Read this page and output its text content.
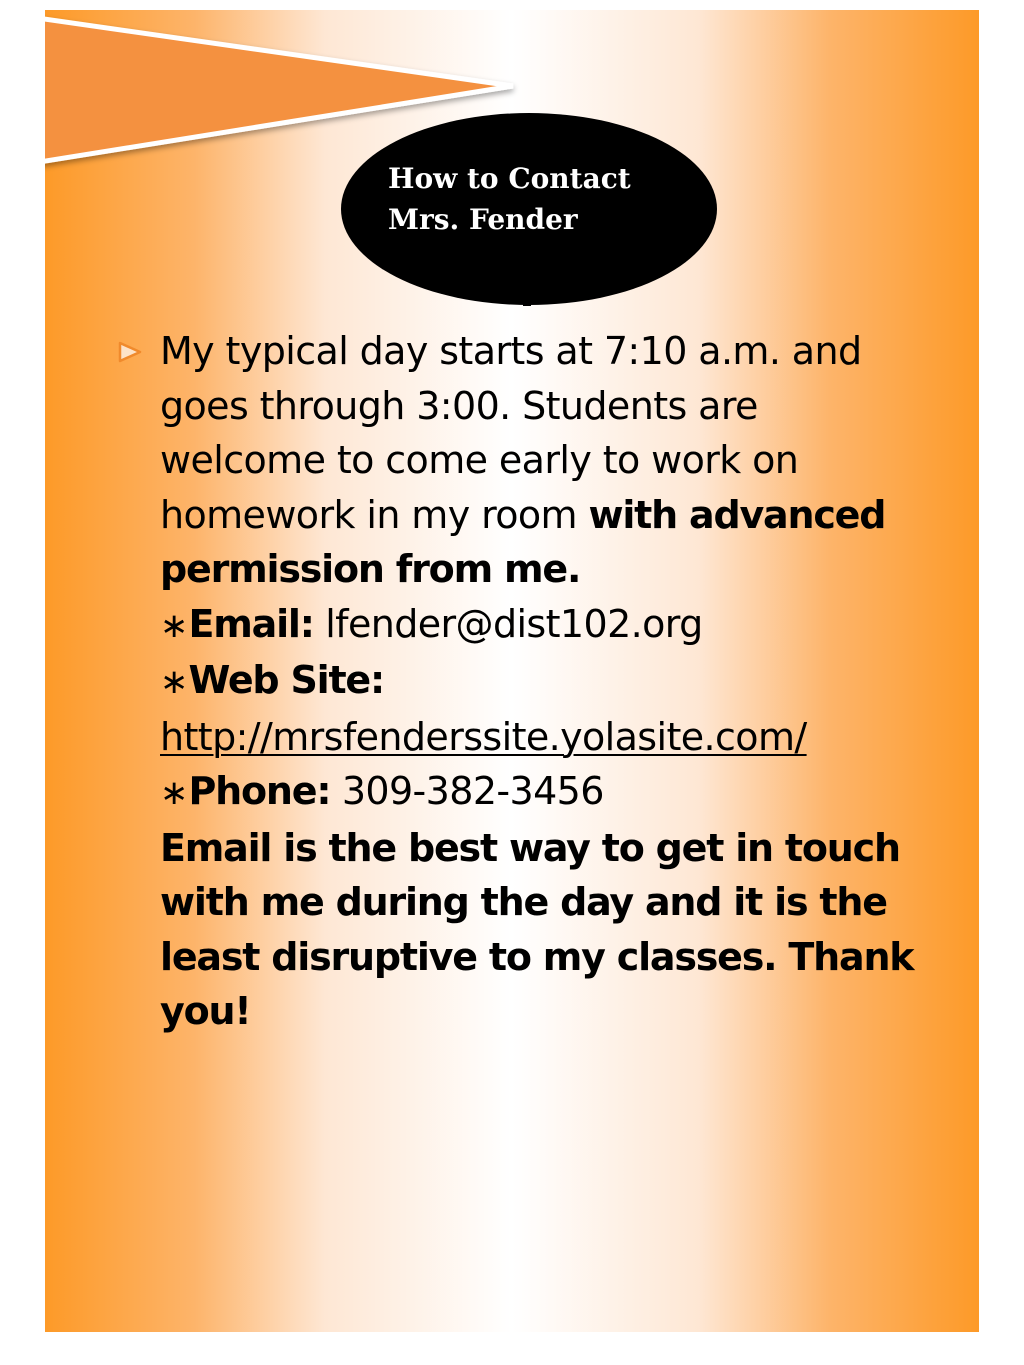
How to Contact
Mrs. Fender
My typical day starts at 7:10 a.m. and
goes through 3:00. Students are
welcome to come early to work on
homework in my room with advanced
permission from me.
∗Email: lfender@dist102.org
∗Web Site:
http://mrsfenderssite.yolasite.com/
∗Phone: 309-382-3456
Email is the best way to get in touch
with me during the day and it is the
least disruptive to my classes. Thank
you!
